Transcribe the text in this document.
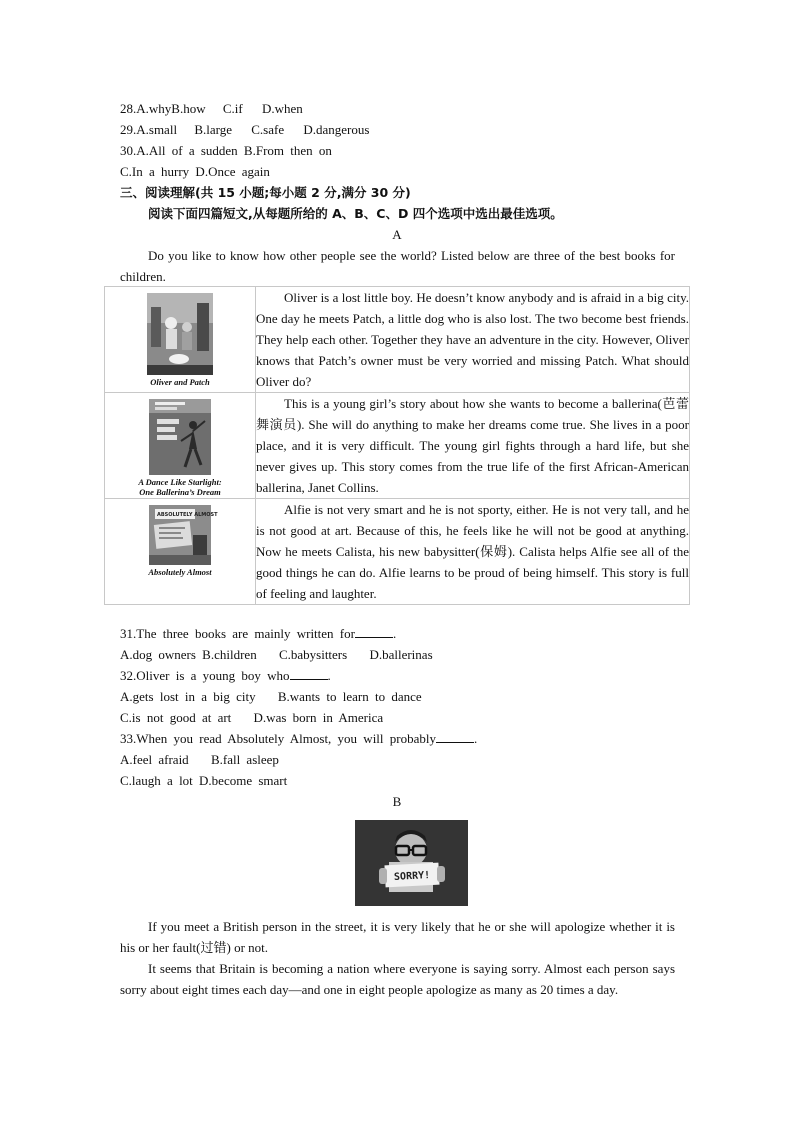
28.A.whyB.how C.if D.when
29.A.small B.large C.safe D.dangerous
30.A.All of a sudden B.From then on
C.In a hurry D.Once again
三、阅读理解(共 15 小题;每小题 2 分,满分 30 分)
阅读下面四篇短文,从每题所给的 A、B、C、D 四个选项中选出最佳选项。
A
Do you like to know how other people see the world? Listed below are three of the best books for children.
Oliver and Patch	Oliver is a lost little boy. He doesn’t know anybody and is afraid in a big city. One day he meets Patch, a little dog who is also lost. The two become best friends. They help each other. Together they have an adventure in the city. However, Oliver knows that Patch’s owner must be very worried and missing Patch. What should Oliver do?

A Dance Like Starlight:
One Ballerina’s Dream	This is a young girl’s story about how she wants to become a ballerina(芭蕾舞演员). She will do anything to make her dreams come true. She lives in a poor place, and it is very difficult. The young girl fights through a hard life, but she never gives up. This story comes from the true life of the first African-American ballerina, Janet Collins.

ABSOLUTELY ALMOST
Absolutely Almost	Alfie is not very smart and he is not sporty, either. He is not very tall, and he is not good at art. Because of this, he feels like he will not be good at anything. Now he meets Calista, his new babysitter(保姆). Calista helps Alfie see all of the good things he can do. Alfie learns to be proud of being himself. This story is full of feeling and laughter.
31.The three books are mainly written for	.
A.dog owners B.children C.babysitters D.ballerinas
32.Oliver is a young boy who	.
A.gets lost in a big city B.wants to learn to dance
C.is not good at art D.was born in America
33.When you read Absolutely Almost, you will probably	.
A.feel afraid B.fall asleep
C.laugh a lot D.become smart
B
SORRY!
If you meet a British person in the street, it is very likely that he or she will apologize whether it is his or her fault(过错) or not.
It seems that Britain is becoming a nation where everyone is saying sorry. Almost each person says sorry about eight times each day—and one in eight people apologize as many as 20 times a day.
